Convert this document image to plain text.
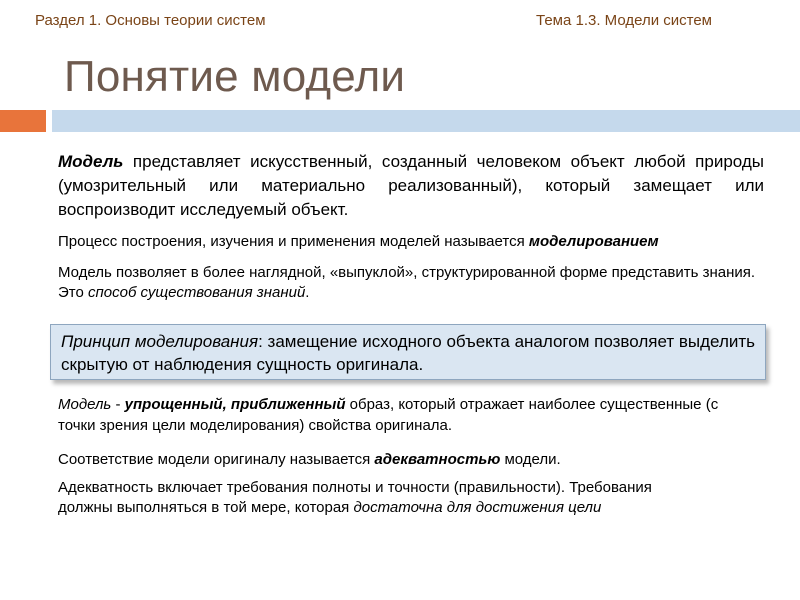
Раздел 1. Основы теории систем	Тема 1.3. Модели систем
Понятие модели

Модель представляет искусственный, созданный человеком объект любой природы (умозрительный или материально реализованный), который замещает или воспроизводит исследуемый объект.

Процесс построения, изучения и применения моделей называется моделированием

Модель позволяет в более наглядной, «выпуклой», структурированной форме представить знания. Это способ существования знаний.

Принцип моделирования: замещение исходного объекта аналогом позволяет выделить скрытую от наблюдения сущность оригинала.

Модель - упрощенный, приближенный образ, который отражает наиболее существенные (с точки зрения цели моделирования) свойства оригинала.

Соответствие модели оригиналу называется адекватностью модели.

Адекватность включает требования полноты и точности (правильности). Требования должны выполняться в той мере, которая достаточна для достижения цели
